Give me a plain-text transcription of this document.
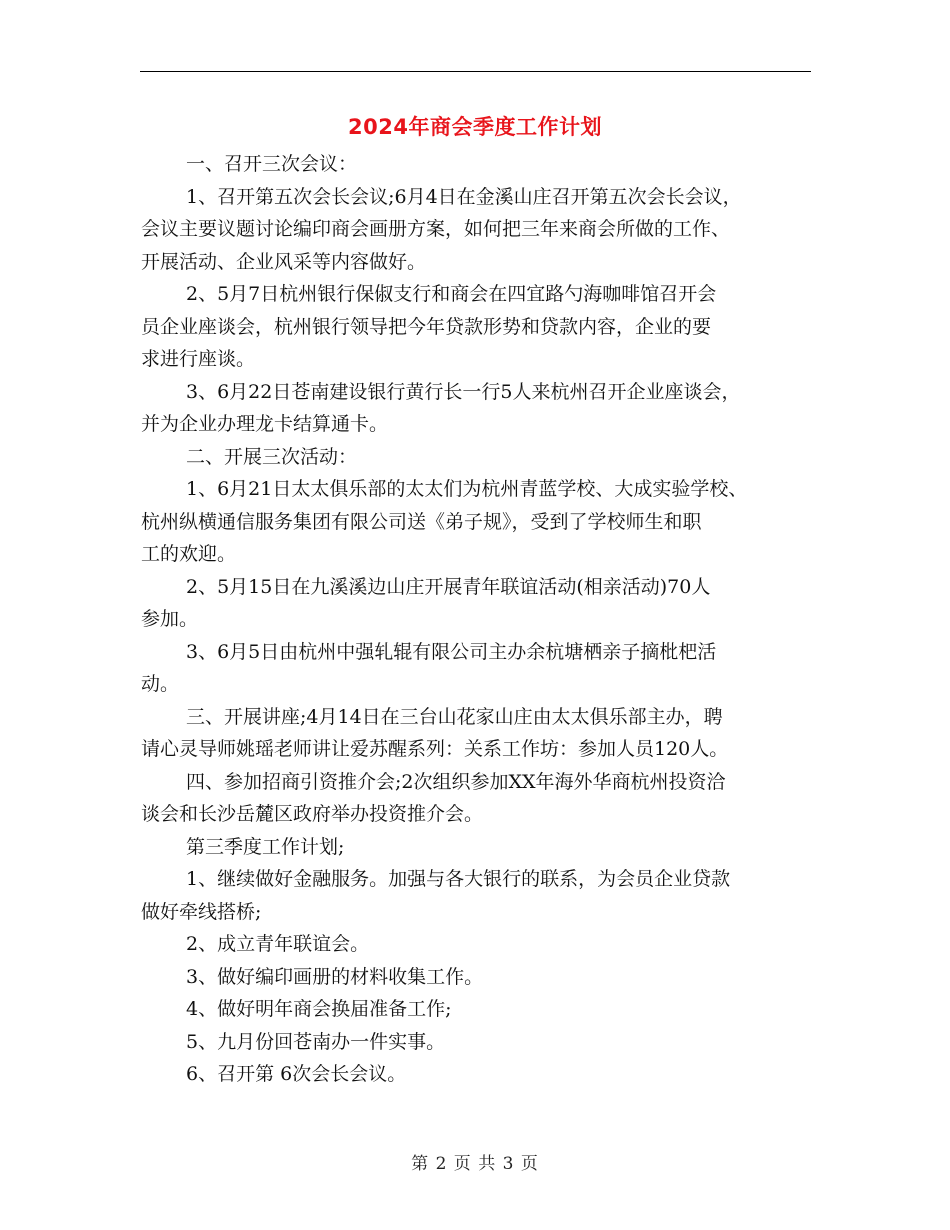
2024年商会季度工作计划
一、召开三次会议：
1、召开第五次会长会议;6月4日在金溪山庄召开第五次会长会议，
会议主要议题讨论编印商会画册方案，如何把三年来商会所做的工作、
开展活动、企业风采等内容做好。
2、5月7日杭州银行保俶支行和商会在四宜路勺海咖啡馆召开会
员企业座谈会，杭州银行领导把今年贷款形势和贷款内容，企业的要
求进行座谈。
3、6月22日苍南建设银行黄行长一行5人来杭州召开企业座谈会，
并为企业办理龙卡结算通卡。
二、开展三次活动：
1、6月21日太太俱乐部的太太们为杭州青蓝学校、大成实验学校、
杭州纵横通信服务集团有限公司送《弟子规》，受到了学校师生和职
工的欢迎。
2、5月15日在九溪溪边山庄开展青年联谊活动(相亲活动)70人
参加。
3、6月5日由杭州中强轧辊有限公司主办余杭塘栖亲子摘枇杷活
动。
三、开展讲座;4月14日在三台山花家山庄由太太俱乐部主办，聘
请心灵导师姚瑶老师讲让爱苏醒系列：关系工作坊：参加人员120人。
四、参加招商引资推介会;2次组织参加XX年海外华商杭州投资洽
谈会和长沙岳麓区政府举办投资推介会。
第三季度工作计划;
1、继续做好金融服务。加强与各大银行的联系，为会员企业贷款
做好牵线搭桥;
2、成立青年联谊会。
3、做好编印画册的材料收集工作。
4、做好明年商会换届准备工作;
5、九月份回苍南办一件实事。
6、召开第 6次会长会议。
第 2 页 共 3 页
